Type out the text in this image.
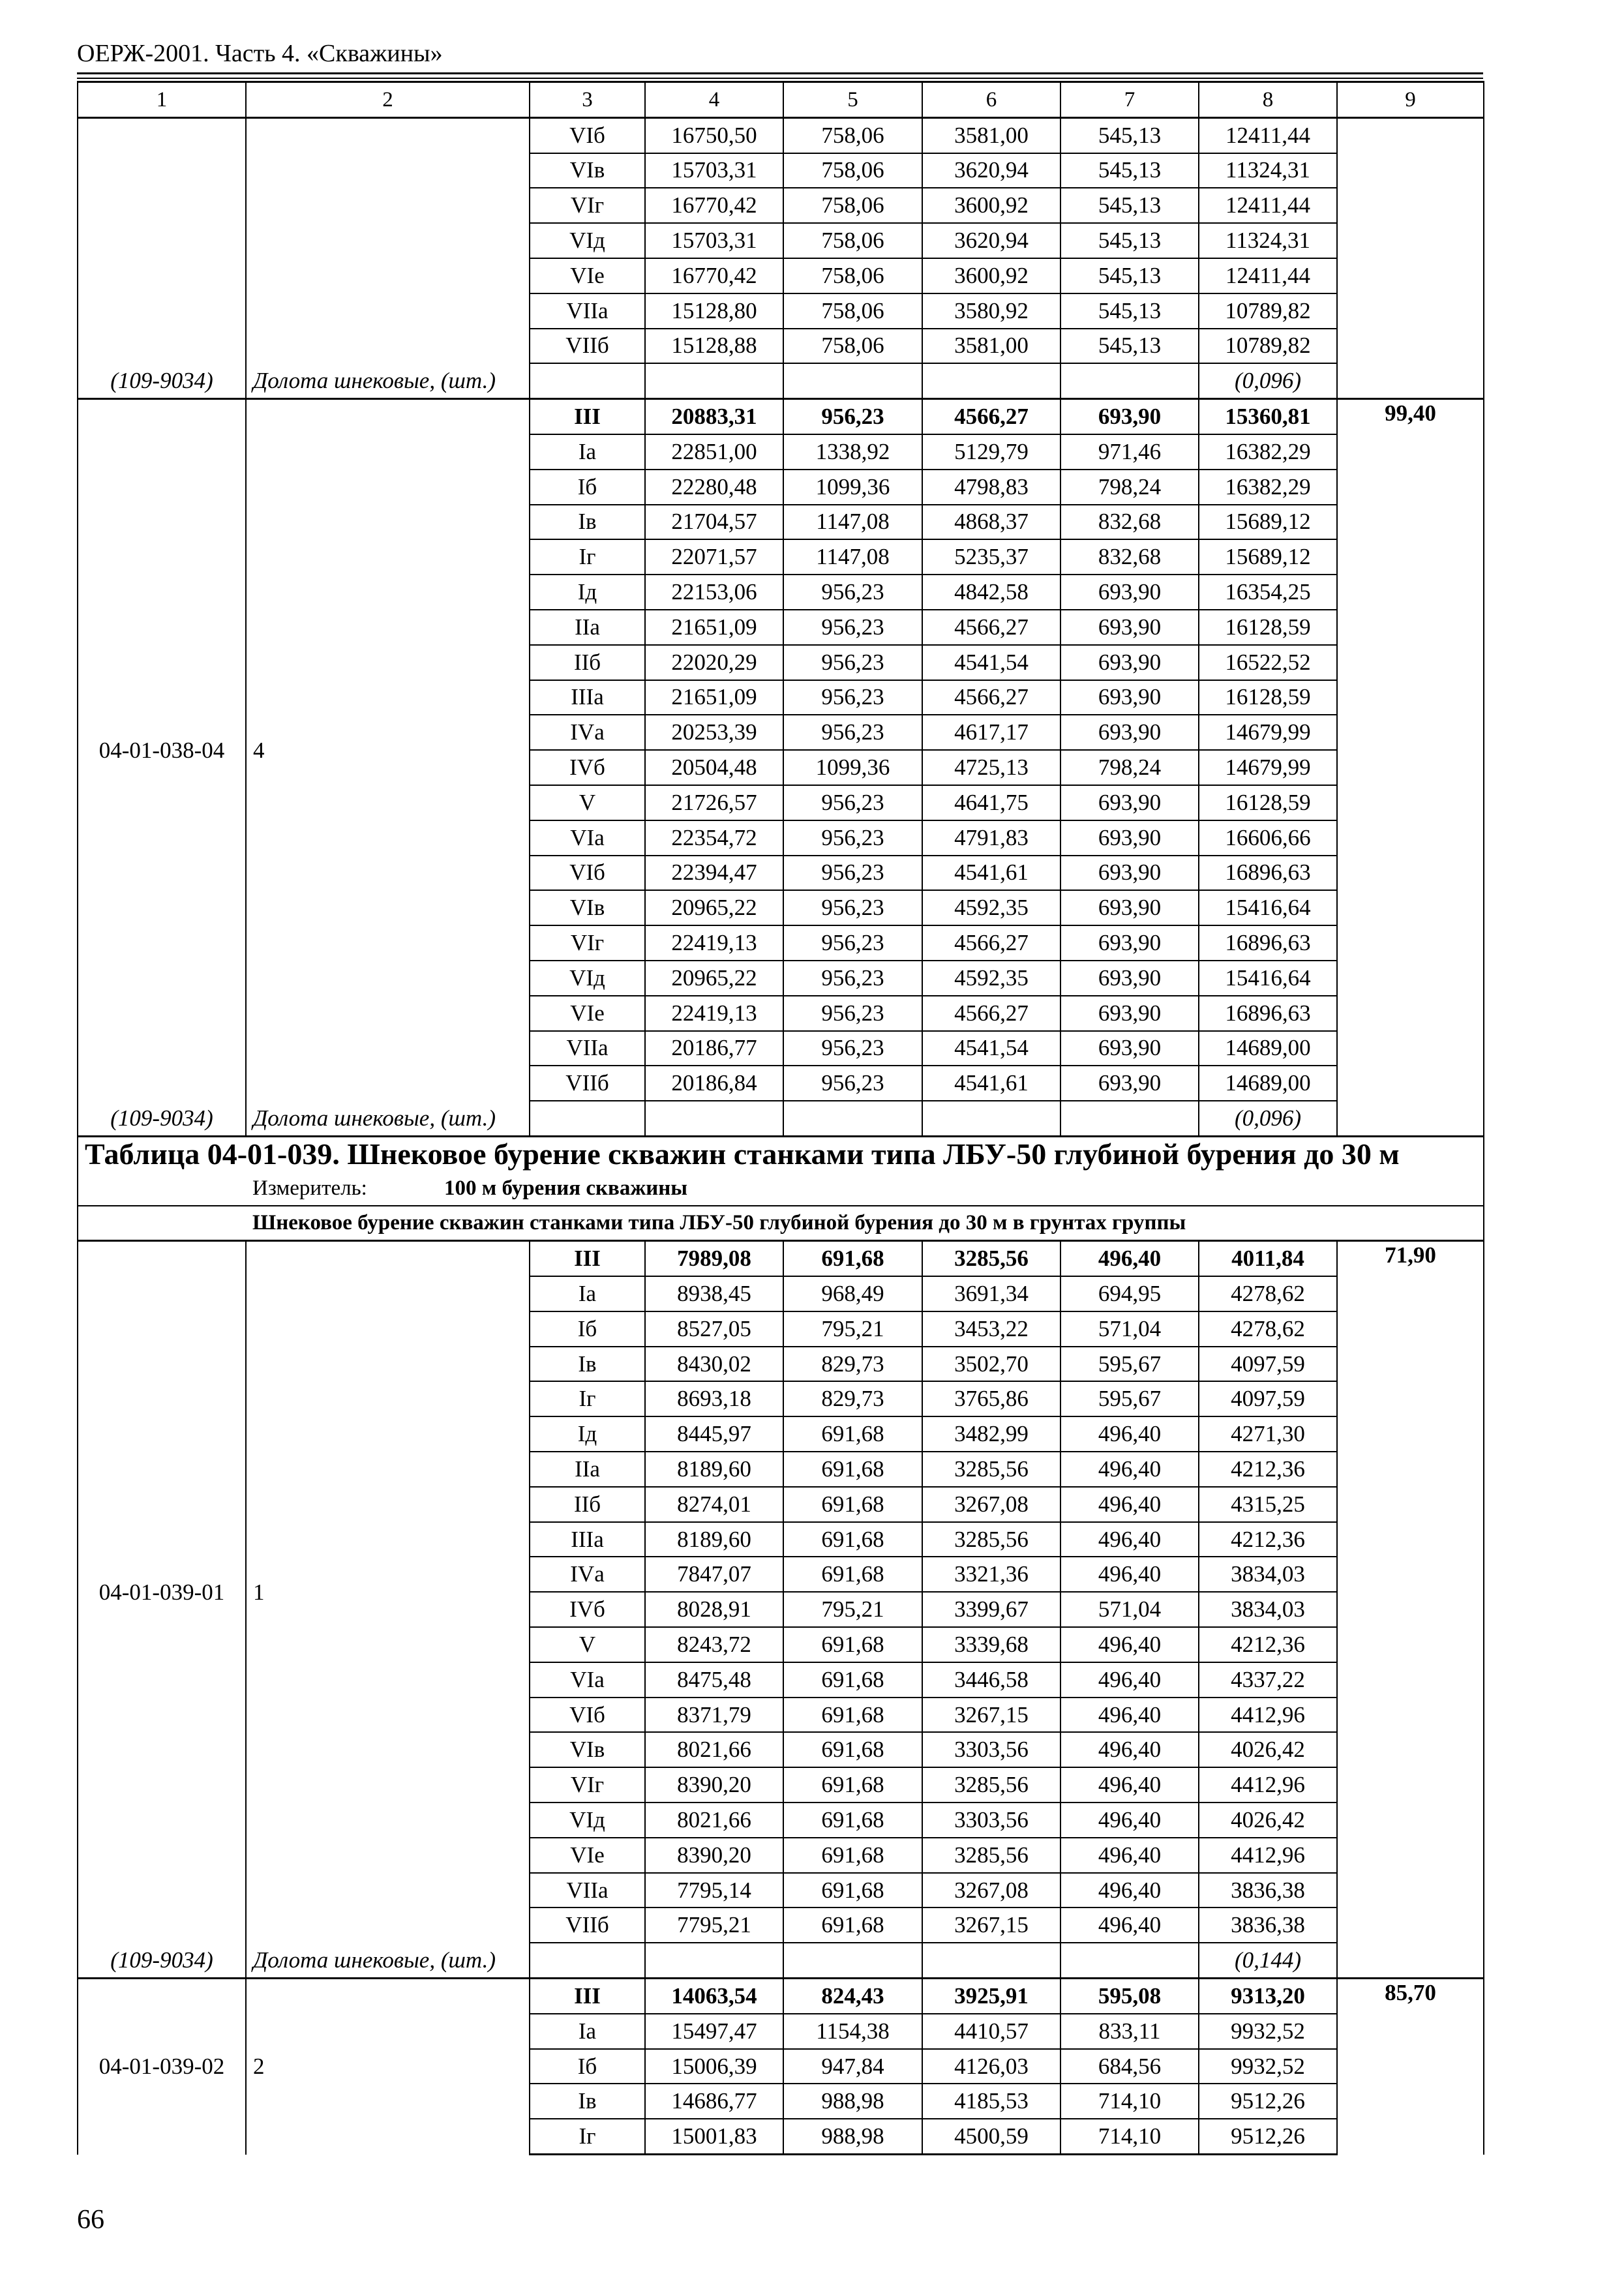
ОЕРЖ-2001. Часть 4. «Скважины»
1	2	3	4	5	6	7	8	9
		VIб	16750,50	758,06	3581,00	545,13	12411,44	
		VIв	15703,31	758,06	3620,94	545,13	11324,31	
		VIг	16770,42	758,06	3600,92	545,13	12411,44	
		VIд	15703,31	758,06	3620,94	545,13	11324,31	
		VIе	16770,42	758,06	3600,92	545,13	12411,44	
		VIIа	15128,80	758,06	3580,92	545,13	10789,82	
		VIIб	15128,88	758,06	3581,00	545,13	10789,82	
(109-9034)	Долота шнековые, (шт.)						(0,096)	
04-01-038-04	4	III	20883,31	956,23	4566,27	693,90	15360,81	99,40
		Iа	22851,00	1338,92	5129,79	971,46	16382,29	
		Iб	22280,48	1099,36	4798,83	798,24	16382,29	
		Iв	21704,57	1147,08	4868,37	832,68	15689,12	
		Iг	22071,57	1147,08	5235,37	832,68	15689,12	
		Iд	22153,06	956,23	4842,58	693,90	16354,25	
		IIа	21651,09	956,23	4566,27	693,90	16128,59	
		IIб	22020,29	956,23	4541,54	693,90	16522,52	
		IIIа	21651,09	956,23	4566,27	693,90	16128,59	
		IVа	20253,39	956,23	4617,17	693,90	14679,99	
		IVб	20504,48	1099,36	4725,13	798,24	14679,99	
		V	21726,57	956,23	4641,75	693,90	16128,59	
		VIа	22354,72	956,23	4791,83	693,90	16606,66	
		VIб	22394,47	956,23	4541,61	693,90	16896,63	
		VIв	20965,22	956,23	4592,35	693,90	15416,64	
		VIг	22419,13	956,23	4566,27	693,90	16896,63	
		VIд	20965,22	956,23	4592,35	693,90	15416,64	
		VIе	22419,13	956,23	4566,27	693,90	16896,63	
		VIIа	20186,77	956,23	4541,54	693,90	14689,00	
		VIIб	20186,84	956,23	4541,61	693,90	14689,00	
(109-9034)	Долота шнековые, (шт.)						(0,096)	
Таблица 04-01-039. Шнековое бурение скважин станками типа ЛБУ-50 глубиной бурения до 30 м								
	Измеритель: 100 м бурения скважины							
	Шнековое бурение скважин станками типа ЛБУ-50 глубиной бурения до 30 м в грунтах группы							
04-01-039-01	1	III	7989,08	691,68	3285,56	496,40	4011,84	71,90
		Iа	8938,45	968,49	3691,34	694,95	4278,62	
		Iб	8527,05	795,21	3453,22	571,04	4278,62	
		Iв	8430,02	829,73	3502,70	595,67	4097,59	
		Iг	8693,18	829,73	3765,86	595,67	4097,59	
		Iд	8445,97	691,68	3482,99	496,40	4271,30	
		IIа	8189,60	691,68	3285,56	496,40	4212,36	
		IIб	8274,01	691,68	3267,08	496,40	4315,25	
		IIIа	8189,60	691,68	3285,56	496,40	4212,36	
		IVа	7847,07	691,68	3321,36	496,40	3834,03	
		IVб	8028,91	795,21	3399,67	571,04	3834,03	
		V	8243,72	691,68	3339,68	496,40	4212,36	
		VIа	8475,48	691,68	3446,58	496,40	4337,22	
		VIб	8371,79	691,68	3267,15	496,40	4412,96	
		VIв	8021,66	691,68	3303,56	496,40	4026,42	
		VIг	8390,20	691,68	3285,56	496,40	4412,96	
		VIд	8021,66	691,68	3303,56	496,40	4026,42	
		VIе	8390,20	691,68	3285,56	496,40	4412,96	
		VIIа	7795,14	691,68	3267,08	496,40	3836,38	
		VIIб	7795,21	691,68	3267,15	496,40	3836,38	
(109-9034)	Долота шнековые, (шт.)						(0,144)	
04-01-039-02	2	III	14063,54	824,43	3925,91	595,08	9313,20	85,70
		Iа	15497,47	1154,38	4410,57	833,11	9932,52	
		Iб	15006,39	947,84	4126,03	684,56	9932,52	
		Iв	14686,77	988,98	4185,53	714,10	9512,26	
		Iг	15001,83	988,98	4500,59	714,10	9512,26	
66
